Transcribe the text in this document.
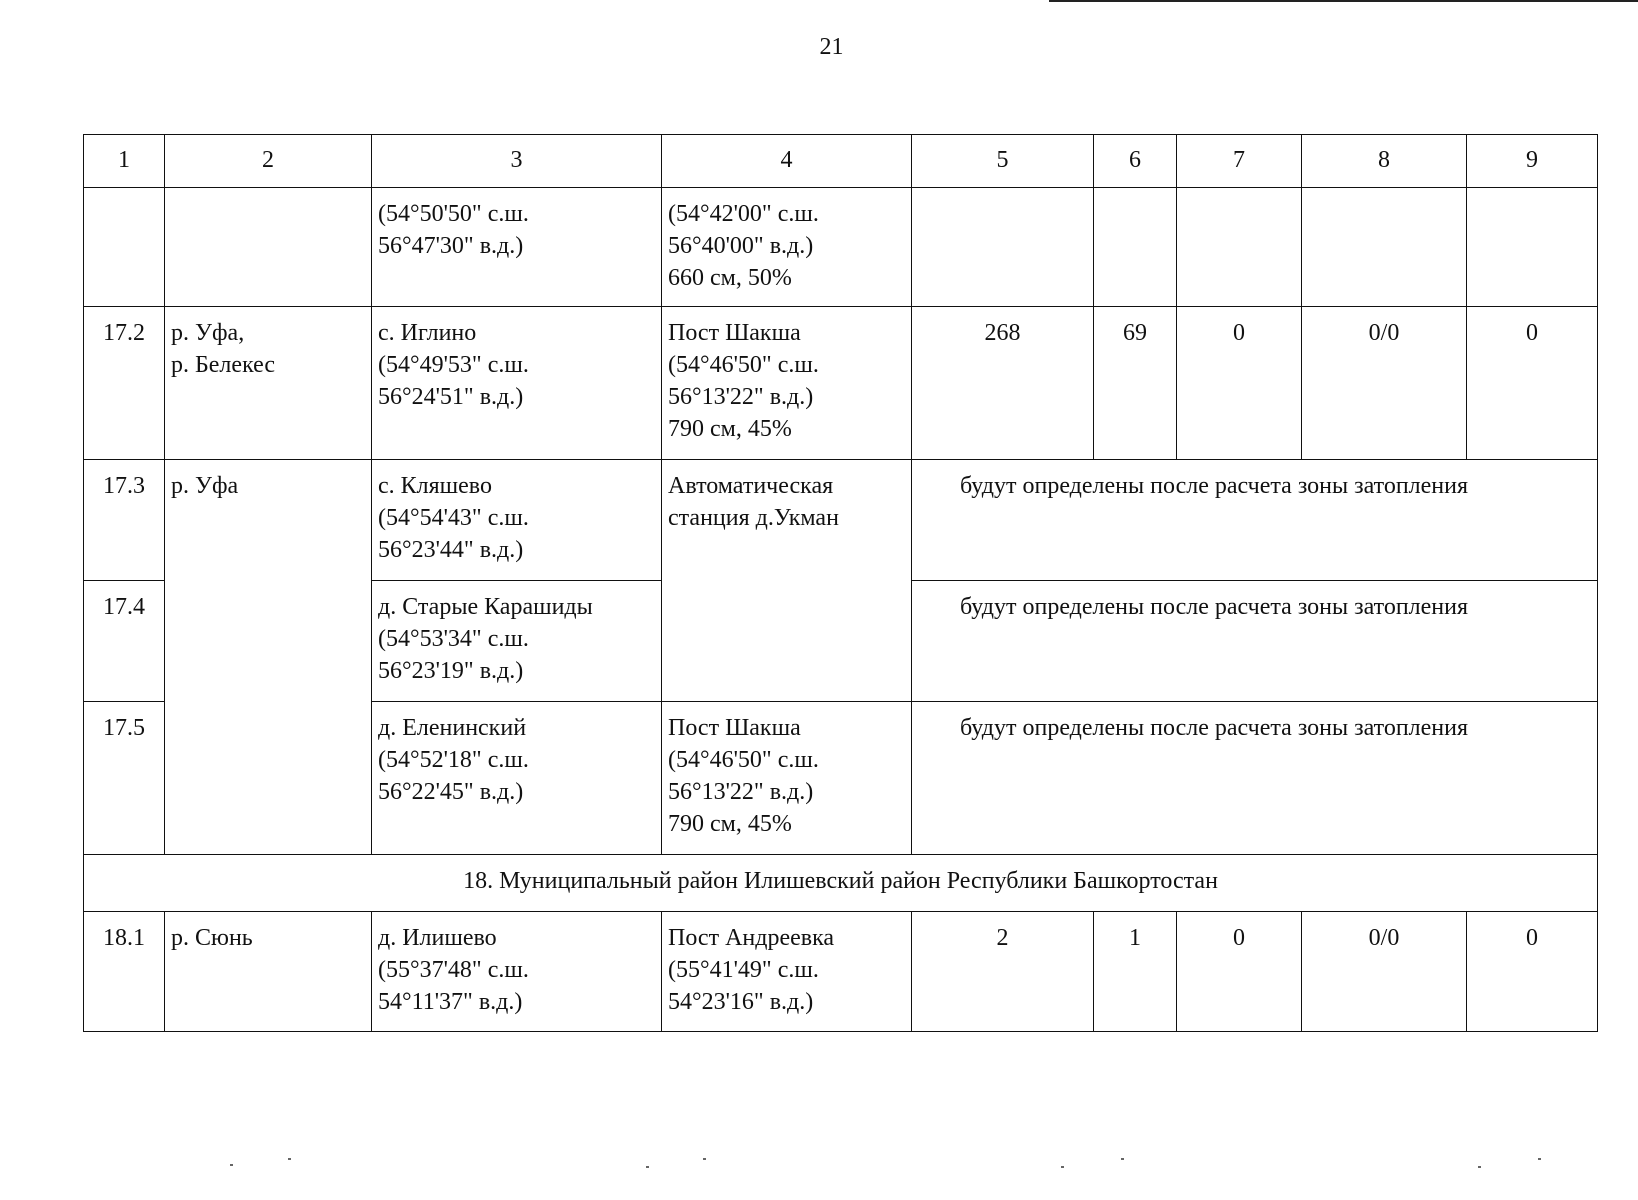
21
1	2	3	4	5	6	7	8	9
		(54°50'50" с.ш.
56°47'30" в.д.)	(54°42'00" с.ш.
56°40'00" в.д.)
660 см, 50%					
17.2	р. Уфа,
р. Белекес	с. Иглино
(54°49'53" с.ш.
56°24'51" в.д.)	Пост Шакша
(54°46'50" с.ш.
56°13'22" в.д.)
790 см, 45%	268	69	0	0/0	0
17.3	р. Уфа	с. Кляшево
(54°54'43" с.ш.
56°23'44" в.д.)	Автоматическая
станция д.Укман	будут определены после расчета зоны затопления				
17.4		д. Старые Карашиды
(54°53'34" с.ш.
56°23'19" в.д.)		будут определены после расчета зоны затопления				
17.5		д. Еленинский
(54°52'18" с.ш.
56°22'45" в.д.)	Пост Шакша
(54°46'50" с.ш.
56°13'22" в.д.)
790 см, 45%	будут определены после расчета зоны затопления				
18. Муниципальный район Илишевский район Республики Башкортостан								
18.1	р. Сюнь	д. Илишево
(55°37'48" с.ш.
54°11'37" в.д.)	Пост Андреевка
(55°41'49" с.ш.
54°23'16" в.д.)	2	1	0	0/0	0
